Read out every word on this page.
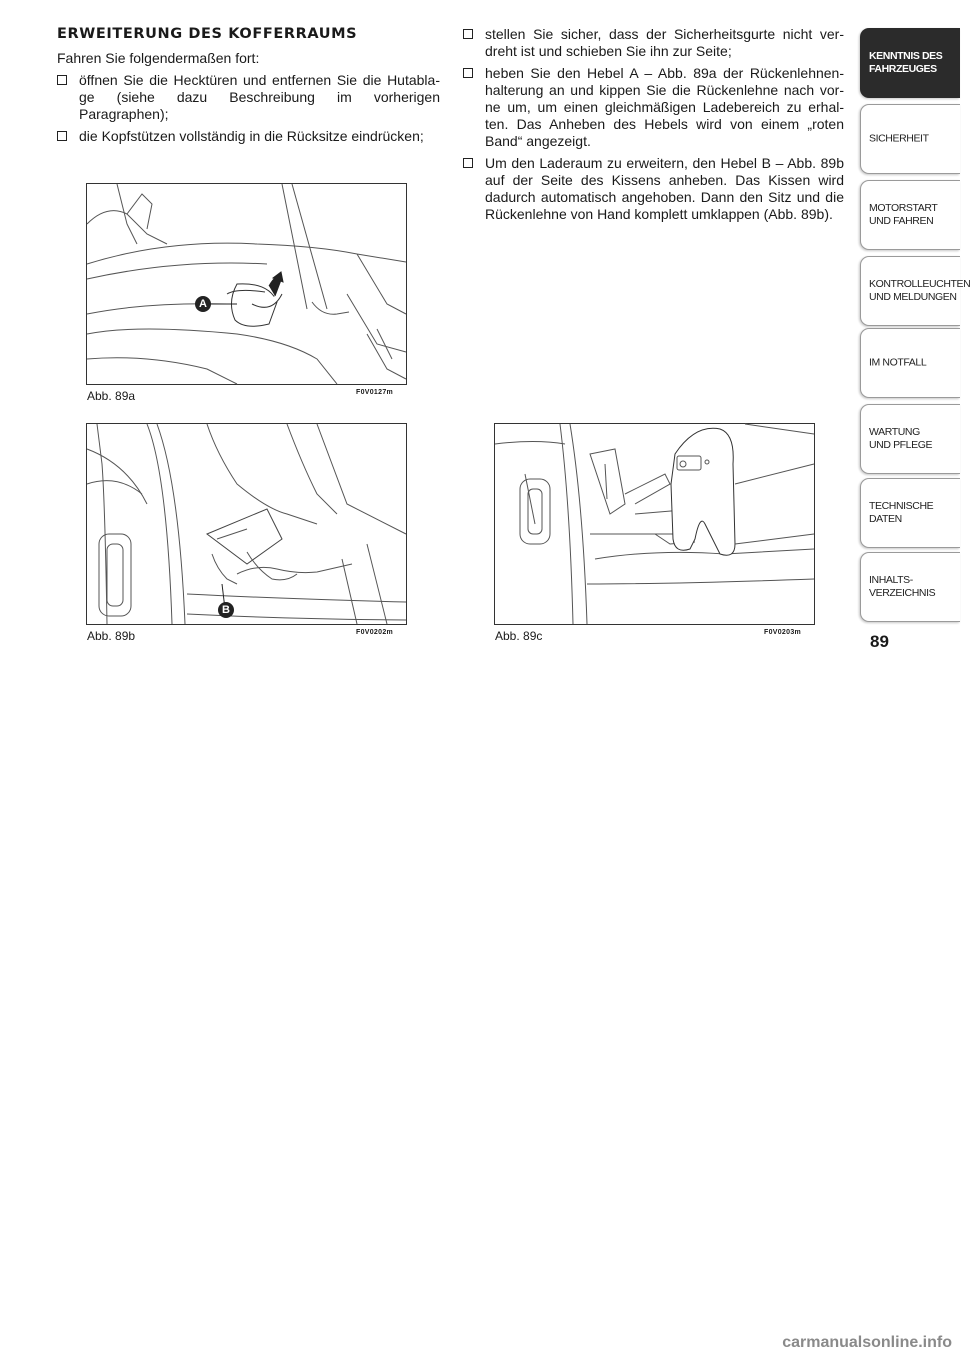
ERWEITERUNG DES KOFFERRAUMS

Fahren Sie folgendermaßen fort:

öffnen Sie die Hecktüren und entfernen Sie die Hutabla-ge (siehe dazu Beschreibung im vorherigen Paragraphen);
die Kopfstützen vollständig in die Rücksitze eindrücken;
stellen Sie sicher, dass der Sicherheitsgurte nicht ver-dreht ist und schieben Sie ihn zur Seite;
heben Sie den Hebel A – Abb. 89a der Rückenlehnen-halterung an und kippen Sie die Rückenlehne nach vor-ne um, um einen gleichmäßigen Ladebereich zu erhal-ten. Das Anheben des Hebels wird von einem „roten Band“ angezeigt.
Um den Laderaum zu erweitern, den Hebel B – Abb. 89b auf der Seite des Kissens anheben. Das Kissen wird dadurch automatisch angehoben. Dann den Sitz und die Rückenlehne von Hand komplett umklappen (Abb. 89b).
A
Abb. 89a	F0V0127m
B
Abb. 89b	F0V0202m	Abb. 89c	F0V0203m
KENNTNIS DES
FAHRZEUGES
SICHERHEIT
MOTORSTART
UND FAHREN
KONTROLLEUCHTEN
UND MELDUNGEN
IM NOTFALL
WARTUNG
UND PFLEGE
TECHNISCHE DATEN
INHALTS-
VERZEICHNIS
89
carmanualsonline.info
